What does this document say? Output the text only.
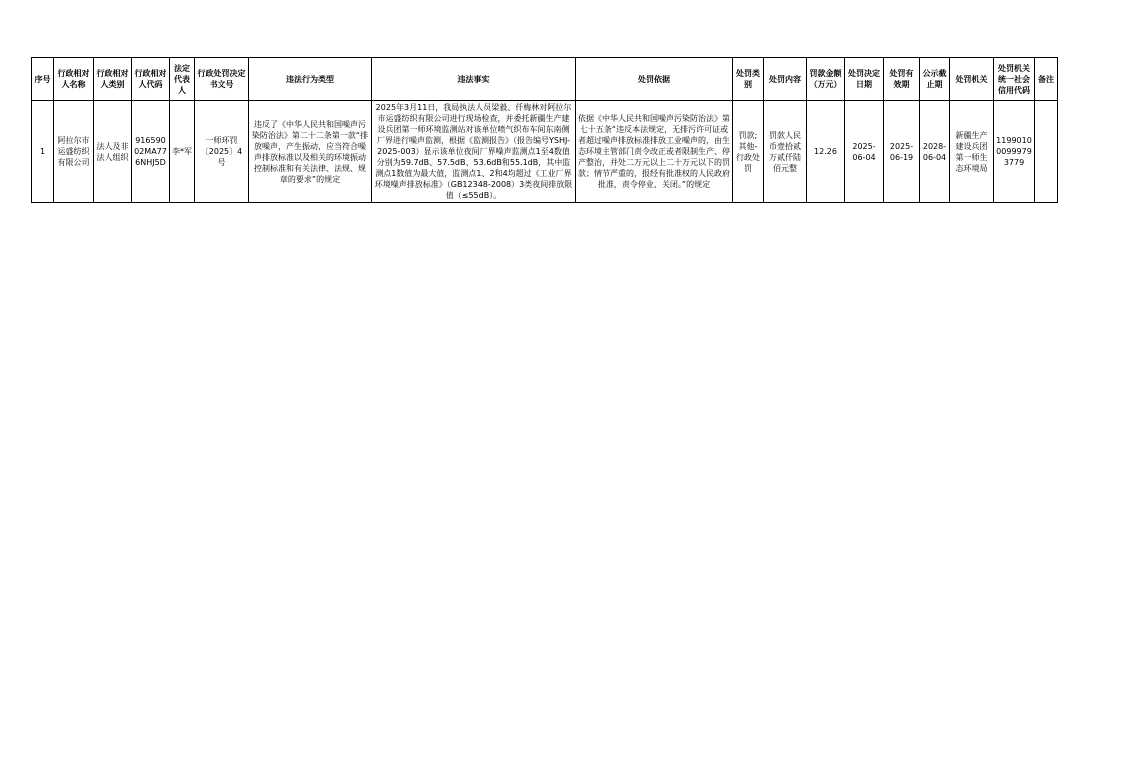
序号	行政相对人名称	行政相对人类别	行政相对人代码	法定代表人	行政处罚决定书文号	违法行为类型	违法事实	处罚依据	处罚类别	处罚内容	罚款金额（万元）	处罚决定日期	处罚有效期	公示截止期	处罚机关	处罚机关统一社会信用代码	备注
1	阿拉尔市运盛纺织有限公司	法人及非法人组织	91659002MA776NHJ5D	李*军	一师环罚〔2025〕4号	违反了《中华人民共和国噪声污染防治法》第二十二条第一款“排放噪声，产生振动，应当符合噪声排放标准以及相关的环境振动控制标准和有关法律、法规、规章的要求”的规定	2025年3月11日，我局执法人员梁毅、仟梅林对阿拉尔市运盛纺织有限公司进行现场检查，并委托新疆生产建设兵团第一师环境监测站对该单位喷气织布车间东南侧厂界进行噪声监测，根据《监测报告》（报告编号YSHJ-2025-003）显示该单位夜间厂界噪声监测点1至4数值分别为59.7dB、57.5dB、53.6dB和55.1dB，其中监测点1数值为最大值，监测点1、2和4均超过《工业厂界环境噪声排放标准》（GB12348-2008）3类夜间排放限值（≤55dB）。	依据《中华人民共和国噪声污染防治法》第七十五条“违反本法规定，无排污许可证或者超过噪声排放标准排放工业噪声的，由生态环境主管部门责令改正或者限制生产、停产整治，并处二万元以上二十万元以下的罚款；情节严重的，报经有批准权的人民政府批准，责令停业、关闭。”的规定	罚款;其他-行政处罚	罚款人民币壹拾贰万贰仟陆佰元整	12.26	2025-06-04	2025-06-19	2028-06-04	新疆生产建设兵团第一师生态环境局	119901000999793779	
